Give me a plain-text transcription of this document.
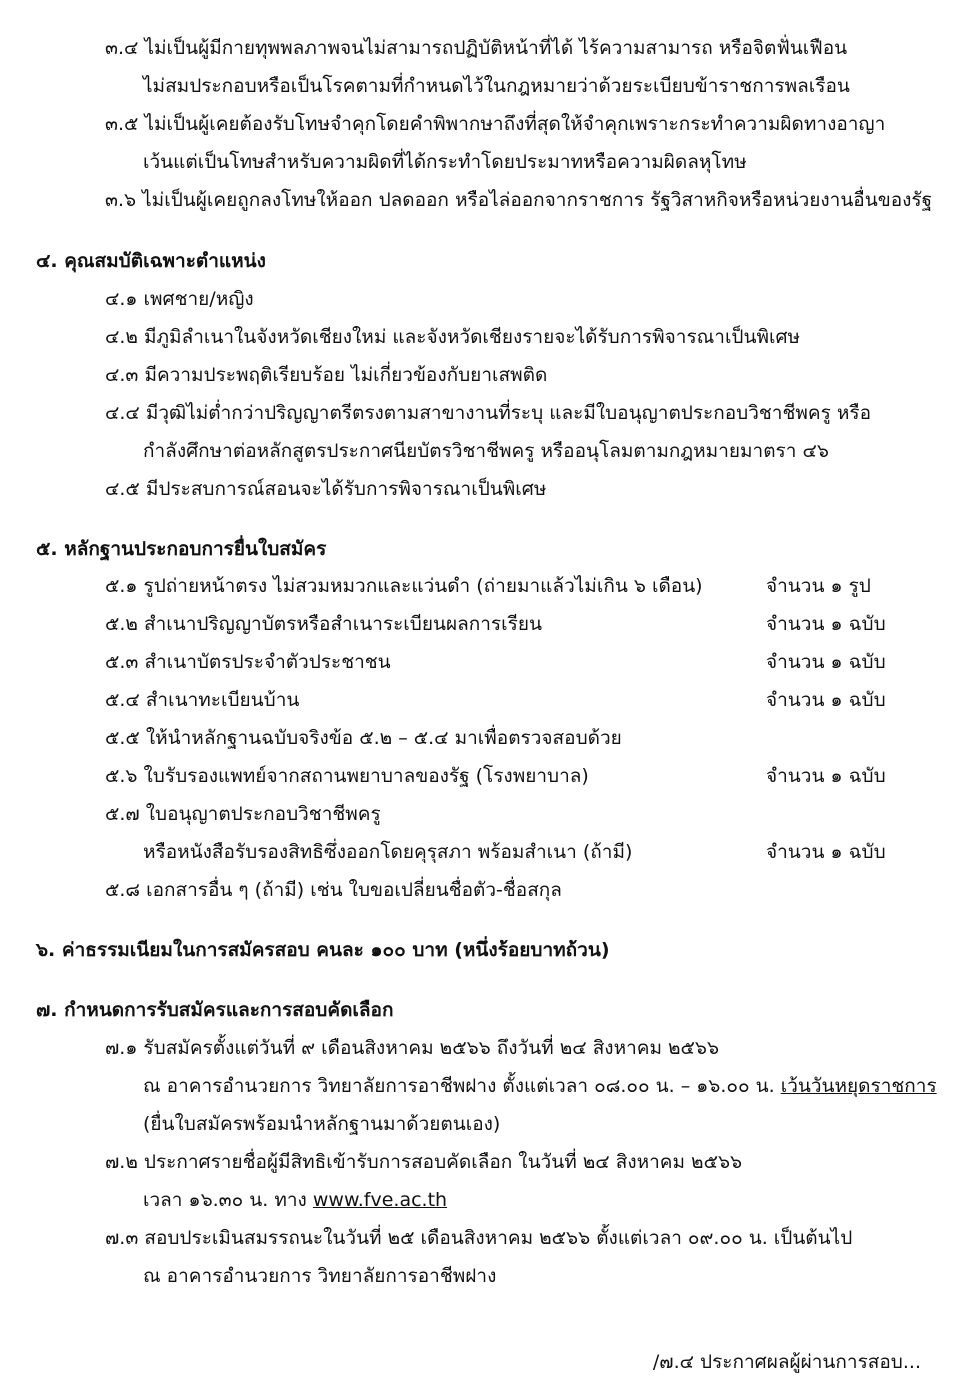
๓.๔ ไม่เป็นผู้มีกายทุพพลภาพจนไม่สามารถปฏิบัติหน้าที่ได้ ไร้ความสามารถ หรือจิตฟั่นเฟือน
ไม่สมประกอบหรือเป็นโรคตามที่กำหนดไว้ในกฎหมายว่าด้วยระเบียบข้าราชการพลเรือน
๓.๕ ไม่เป็นผู้เคยต้องรับโทษจำคุกโดยคำพิพากษาถึงที่สุดให้จำคุกเพราะกระทำความผิดทางอาญา
เว้นแต่เป็นโทษสำหรับความผิดที่ได้กระทำโดยประมาทหรือความผิดลหุโทษ
๓.๖ ไม่เป็นผู้เคยถูกลงโทษให้ออก ปลดออก หรือไล่ออกจากราชการ รัฐวิสาหกิจหรือหน่วยงานอื่นของรัฐ
๔. คุณสมบัติเฉพาะตำแหน่ง
๔.๑ เพศชาย/หญิง
๔.๒ มีภูมิลำเนาในจังหวัดเชียงใหม่ และจังหวัดเชียงรายจะได้รับการพิจารณาเป็นพิเศษ
๔.๓ มีความประพฤติเรียบร้อย ไม่เกี่ยวข้องกับยาเสพติด
๔.๔ มีวุฒิไม่ต่ำกว่าปริญญาตรีตรงตามสาขางานที่ระบุ และมีใบอนุญาตประกอบวิชาชีพครู หรือ
กำลังศึกษาต่อหลักสูตรประกาศนียบัตรวิชาชีพครู หรืออนุโลมตามกฎหมายมาตรา ๔๖
๔.๕ มีประสบการณ์สอนจะได้รับการพิจารณาเป็นพิเศษ
๕. หลักฐานประกอบการยื่นใบสมัคร
๕.๑ รูปถ่ายหน้าตรง ไม่สวมหมวกและแว่นดำ (ถ่ายมาแล้วไม่เกิน ๖ เดือน)	จำนวน ๑ รูป
๕.๒ สำเนาปริญญาบัตรหรือสำเนาระเบียนผลการเรียน	จำนวน ๑ ฉบับ
๕.๓ สำเนาบัตรประจำตัวประชาชน	จำนวน ๑ ฉบับ
๕.๔ สำเนาทะเบียนบ้าน	จำนวน ๑ ฉบับ
๕.๕ ให้นำหลักฐานฉบับจริงข้อ ๕.๒ – ๕.๔ มาเพื่อตรวจสอบด้วย
๕.๖ ใบรับรองแพทย์จากสถานพยาบาลของรัฐ (โรงพยาบาล)	จำนวน ๑ ฉบับ
๕.๗ ใบอนุญาตประกอบวิชาชีพครู
หรือหนังสือรับรองสิทธิซึ่งออกโดยคุรุสภา พร้อมสำเนา (ถ้ามี)	จำนวน ๑ ฉบับ
๕.๘ เอกสารอื่น ๆ (ถ้ามี) เช่น ใบขอเปลี่ยนชื่อตัว-ชื่อสกุล
๖. ค่าธรรมเนียมในการสมัครสอบ คนละ ๑๐๐ บาท (หนึ่งร้อยบาทถ้วน)
๗. กำหนดการรับสมัครและการสอบคัดเลือก
๗.๑ รับสมัครตั้งแต่วันที่ ๙ เดือนสิงหาคม ๒๕๖๖ ถึงวันที่ ๒๔ สิงหาคม ๒๕๖๖
ณ อาคารอำนวยการ วิทยาลัยการอาชีพฝาง ตั้งแต่เวลา ๐๘.๐๐ น. – ๑๖.๐๐ น. เว้นวันหยุดราชการ
(ยื่นใบสมัครพร้อมนำหลักฐานมาด้วยตนเอง)
๗.๒ ประกาศรายชื่อผู้มีสิทธิเข้ารับการสอบคัดเลือก ในวันที่ ๒๔ สิงหาคม ๒๕๖๖
เวลา ๑๖.๓๐ น. ทาง www.fve.ac.th
๗.๓ สอบประเมินสมรรถนะในวันที่ ๒๕ เดือนสิงหาคม ๒๕๖๖ ตั้งแต่เวลา ๐๙.๐๐ น. เป็นต้นไป
ณ อาคารอำนวยการ วิทยาลัยการอาชีพฝาง
/๗.๔ ประกาศผลผู้ผ่านการสอบ...
